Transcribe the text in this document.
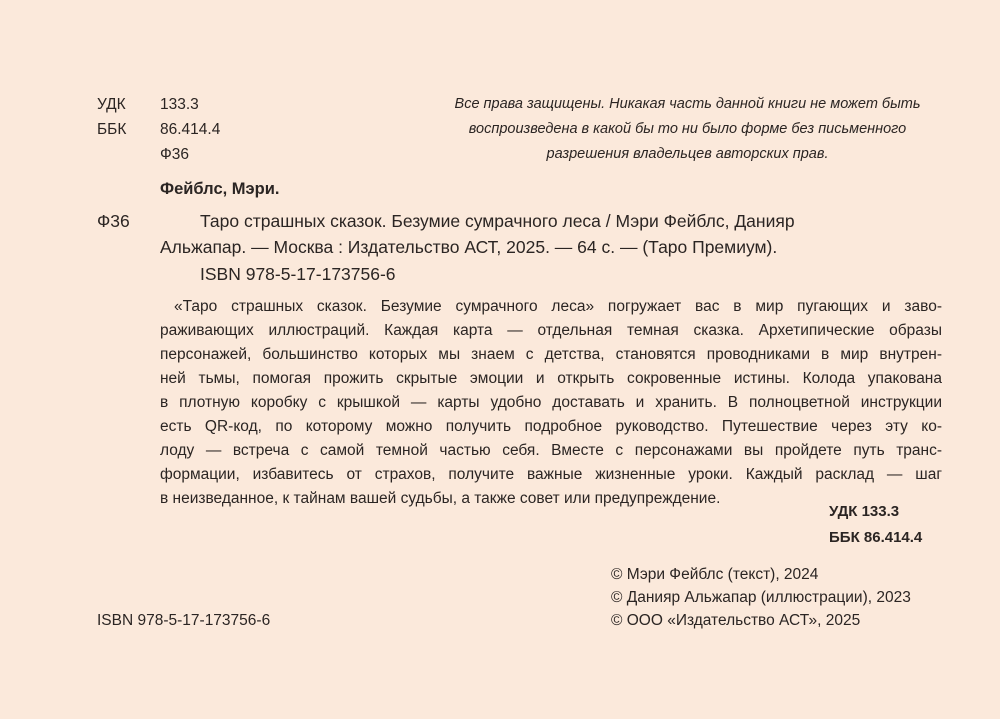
УДК 133.3
ББК 86.414.4
Ф36
Все права защищены. Никакая часть данной книги не может быть
воспроизведена в какой бы то ни было форме без письменного
разрешения владельцев авторских прав.
Фейблс, Мэри.
Ф36	Таро страшных сказок. Безумие сумрачного леса / Мэри Фейблс, Данияр
Альжапар. — Москва : Издательство АСТ, 2025. — 64 с. — (Таро Премиум).
ISBN 978-5-17-173756-6
«Таро страшных сказок. Безумие сумрачного леса» погружает вас в мир пугающих и заво-
раживающих иллюстраций. Каждая карта — отдельная темная сказка. Архетипические образы
персонажей, большинство которых мы знаем с детства, становятся проводниками в мир внутрен-
ней тьмы, помогая прожить скрытые эмоции и открыть сокровенные истины. Колода упакована
в плотную коробку с крышкой — карты удобно доставать и хранить. В полноцветной инструкции
есть QR-код, по которому можно получить подробное руководство. Путешествие через эту ко-
лоду — встреча с самой темной частью себя. Вместе с персонажами вы пройдете путь транс-
формации, избавитесь от страхов, получите важные жизненные уроки. Каждый расклад — шаг
в неизведанное, к тайнам вашей судьбы, а также совет или предупреждение.
УДК 133.3
ББК 86.414.4
© Мэри Фейблс (текст), 2024
© Данияр Альжапар (иллюстрации), 2023
© ООО «Издательство АСТ», 2025
ISBN 978-5-17-173756-6
